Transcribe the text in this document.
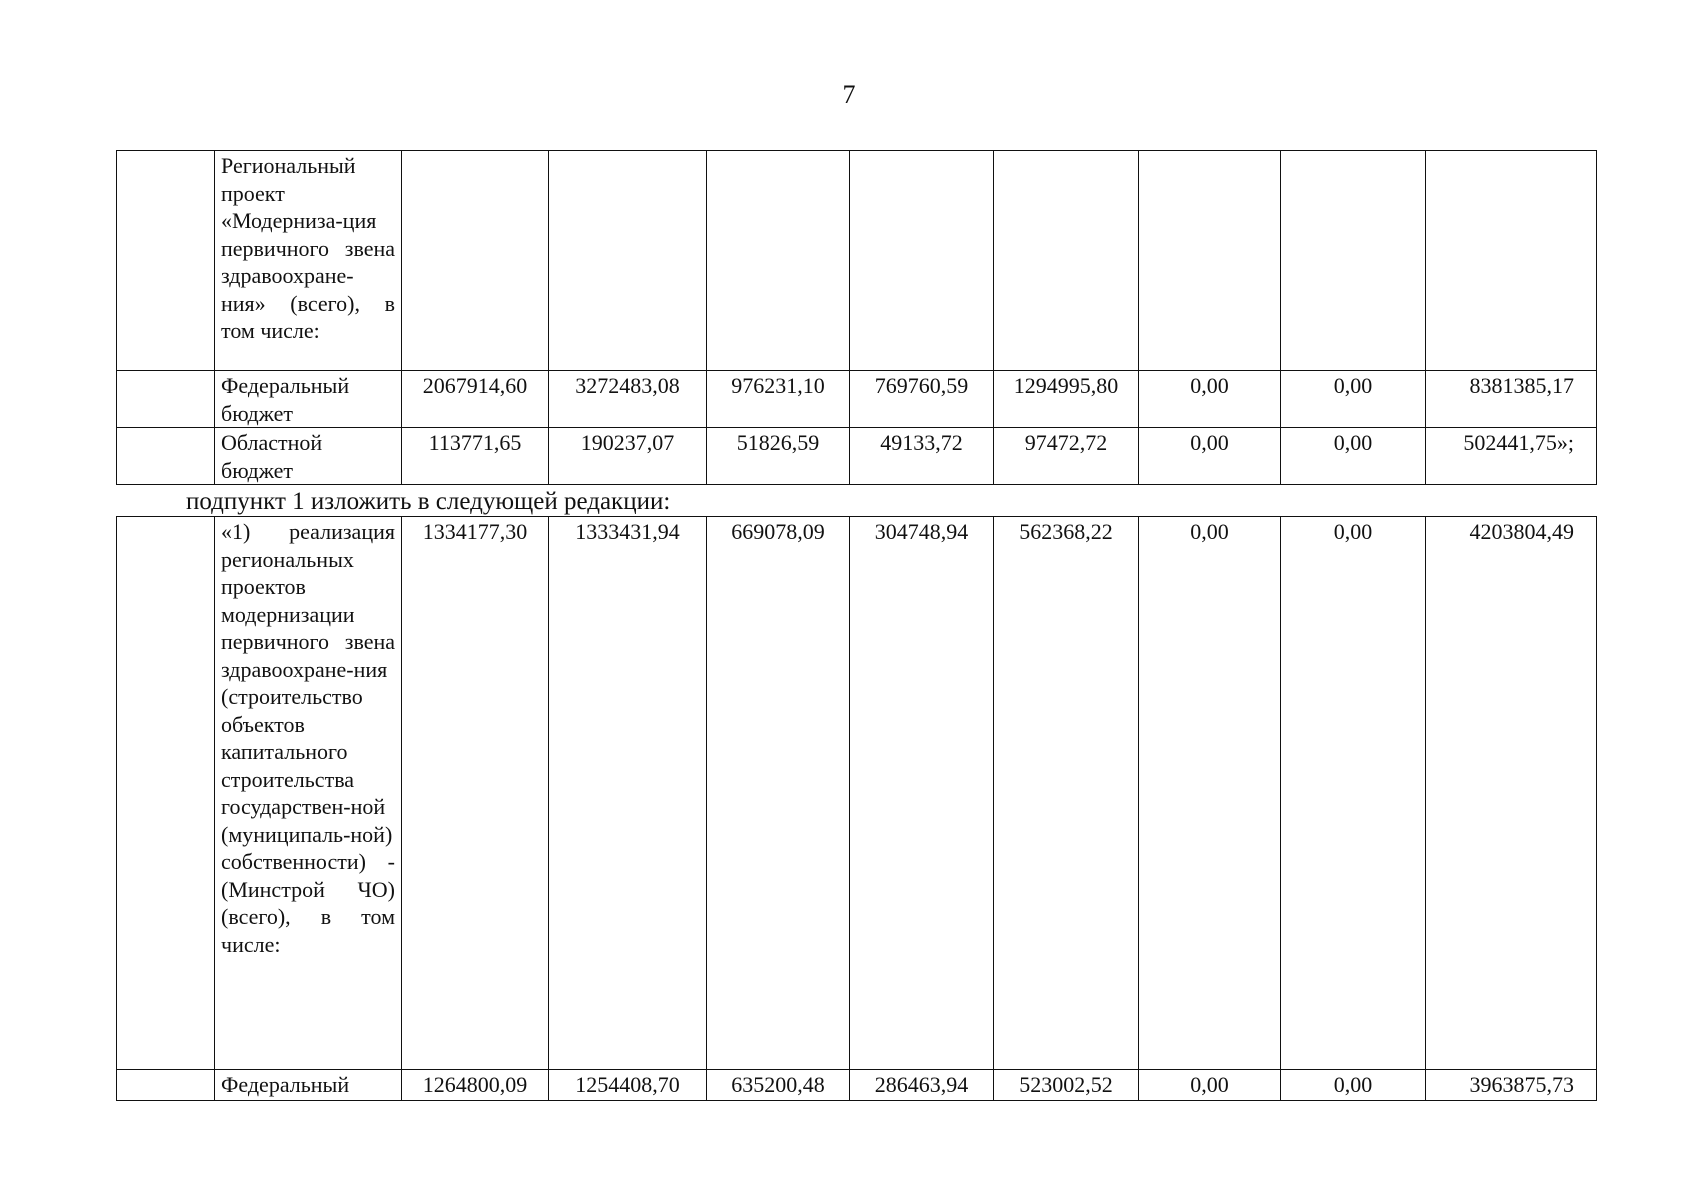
7
	Региональный проект «Модерниза-ция первичного звена здравоохране-ния» (всего), в том числе:								
	Федеральный бюджет	2067914,60	3272483,08	976231,10	769760,59	1294995,80	0,00	0,00	8381385,17
	Областной бюджет	113771,65	190237,07	51826,59	49133,72	97472,72	0,00	0,00	502441,75»;
подпункт 1 изложить в следующей редакции:
	«1) реализация региональных проектов модернизации первичного звена здравоохране-ния (строительство объектов капитального строительства государствен-ной (муниципаль-ной) собственности) - (Минстрой ЧО) (всего), в том числе:	1334177,30	1333431,94	669078,09	304748,94	562368,22	0,00	0,00	4203804,49
	Федеральный	1264800,09	1254408,70	635200,48	286463,94	523002,52	0,00	0,00	3963875,73
